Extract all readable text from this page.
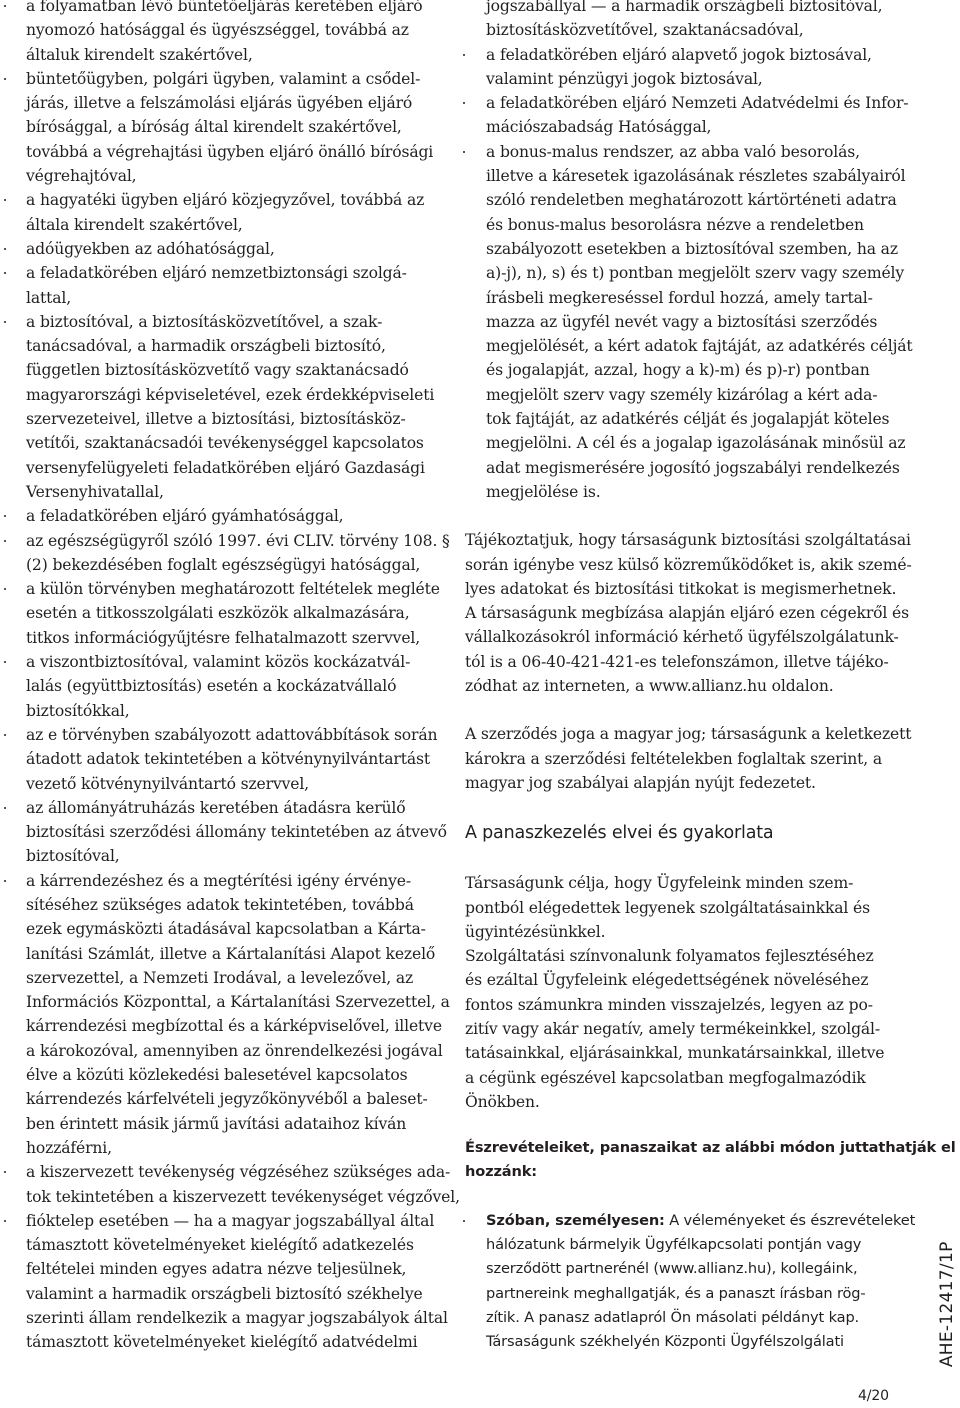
a folyamatban lévő büntetőeljárás keretében eljáró
nyomozó hatósággal és ügyészséggel, továbbá az
általuk kirendelt szakértővel,
büntetőügyben, polgári ügyben, valamint a csődel-
járás, illetve a felszámolási eljárás ügyében eljáró
bírósággal, a bíróság által kirendelt szakértővel,
továbbá a végrehajtási ügyben eljáró önálló bírósági
végrehajtóval,
a hagyatéki ügyben eljáró közjegyzővel, továbbá az
általa kirendelt szakértővel,
adóügyekben az adóhatósággal,
a feladatkörében eljáró nemzetbiztonsági szolgá-
lattal,
a biztosítóval, a biztosításközvetítővel, a szak-
tanácsadóval, a harmadik országbeli biztosító,
független biztosításközvetítő vagy szaktanácsadó
magyarországi képviseletével, ezek érdekképviseleti
szervezeteivel, illetve a biztosítási, biztosításköz-
vetítői, szaktanácsadói tevékenységgel kapcsolatos
versenyfelügyeleti feladatkörében eljáró Gazdasági
Versenyhivatallal,
a feladatkörében eljáró gyámhatósággal,
az egészségügyről szóló 1997. évi CLIV. törvény 108. §
(2) bekezdésében foglalt egészségügyi hatósággal,
a külön törvényben meghatározott feltételek megléte
esetén a titkosszolgálati eszközök alkalmazására,
titkos információgyűjtésre felhatalmazott szervvel,
a viszontbiztosítóval, valamint közös kockázatvál-
lalás (együttbiztosítás) esetén a kockázatvállaló
biztosítókkal,
az e törvényben szabályozott adattovábbítások során
átadott adatok tekintetében a kötvénynyilvántartást
vezető kötvénynyilvántartó szervvel,
az állományátruházás keretében átadásra kerülő
biztosítási szerződési állomány tekintetében az átvevő
biztosítóval,
a kárrendezéshez és a megtérítési igény érvénye-
sítéséhez szükséges adatok tekintetében, továbbá
ezek egymásközti átadásával kapcsolatban a Kárta-
lanítási Számlát, illetve a Kártalanítási Alapot kezelő
szervezettel, a Nemzeti Irodával, a levelezővel, az
Információs Központtal, a Kártalanítási Szervezettel, a
kárrendezési megbízottal és a kárképviselővel, illetve
a károkozóval, amennyiben az önrendelkezési jogával
élve a közúti közlekedési balesetével kapcsolatos
kárrendezés kárfelvételi jegyzőkönyvéből a baleset-
ben érintett másik jármű javítási adataihoz kíván
hozzáférni,
a kiszervezett tevékenység végzéséhez szükséges ada-
tok tekintetében a kiszervezett tevékenységet végzővel,
fióktelep esetében — ha a magyar jogszabállyal által
támasztott követelményeket kielégítő adatkezelés
feltételei minden egyes adatra nézve teljesülnek,
valamint a harmadik országbeli biztosító székhelye
szerinti állam rendelkezik a magyar jogszabályok által
támasztott követelményeket kielégítő adatvédelmi
jogszabállyal — a harmadik országbeli biztosítóval,
biztosításközvetítővel, szaktanácsadóval,
a feladatkörében eljáró alapvető jogok biztosával,
valamint pénzügyi jogok biztosával,
a feladatkörében eljáró Nemzeti Adatvédelmi és Infor-
mációszabadság Hatósággal,
a bonus-malus rendszer, az abba való besorolás,
illetve a káresetek igazolásának részletes szabályairól
szóló rendeletben meghatározott kártörténeti adatra
és bonus-malus besorolásra nézve a rendeletben
szabályozott esetekben a biztosítóval szemben, ha az
a)-j), n), s) és t) pontban megjelölt szerv vagy személy
írásbeli megkereséssel fordul hozzá, amely tartal-
mazza az ügyfél nevét vagy a biztosítási szerződés
megjelölését, a kért adatok fajtáját, az adatkérés célját
és jogalapját, azzal, hogy a k)-m) és p)-r) pontban
megjelölt szerv vagy személy kizárólag a kért ada-
tok fajtáját, az adatkérés célját és jogalapját köteles
megjelölni. A cél és a jogalap igazolásának minősül az
adat megismerésére jogosító jogszabályi rendelkezés
megjelölése is.
Tájékoztatjuk, hogy társaságunk biztosítási szolgáltatásai
során igénybe vesz külső közreműködőket is, akik szemé-
lyes adatokat és biztosítási titkokat is megismerhetnek.
A társaságunk megbízása alapján eljáró ezen cégekről és
vállalkozásokról információ kérhető ügyfélszolgálatunk-
tól is a 06-40-421-421-es telefonszámon, illetve tájéko-
zódhat az interneten, a www.allianz.hu oldalon.
A szerződés joga a magyar jog; társaságunk a keletkezett
károkra a szerződési feltételekben foglaltak szerint, a
magyar jog szabályai alapján nyújt fedezetet.
A panaszkezelés elvei és gyakorlata
Társaságunk célja, hogy Ügyfeleink minden szem-
pontból elégedettek legyenek szolgáltatásainkkal és
ügyintézésünkkel.
Szolgáltatási színvonalunk folyamatos fejlesztéséhez
és ezáltal Ügyfeleink elégedettségének növeléséhez
fontos számunkra minden visszajelzés, legyen az po-
zitív vagy akár negatív, amely termékeinkkel, szolgál-
tatásainkkal, eljárásainkkal, munkatársainkkal, illetve
a cégünk egészével kapcsolatban megfogalmazódik
Önökben.
Észrevételeiket, panaszaikat az alábbi módon juttathatják el
hozzánk:
Szóban, személyesen: A véleményeket és észrevételeket
hálózatunk bármelyik Ügyfélkapcsolati pontján vagy
szerződött partnerénél (www.allianz.hu), kollegáink,
partnereink meghallgatják, és a panaszt írásban rög-
zítik. A panasz adatlapról Ön másolati példányt kap.
Társaságunk székhelyén Központi Ügyfélszolgálati	AHE-12417/1P
4/20
